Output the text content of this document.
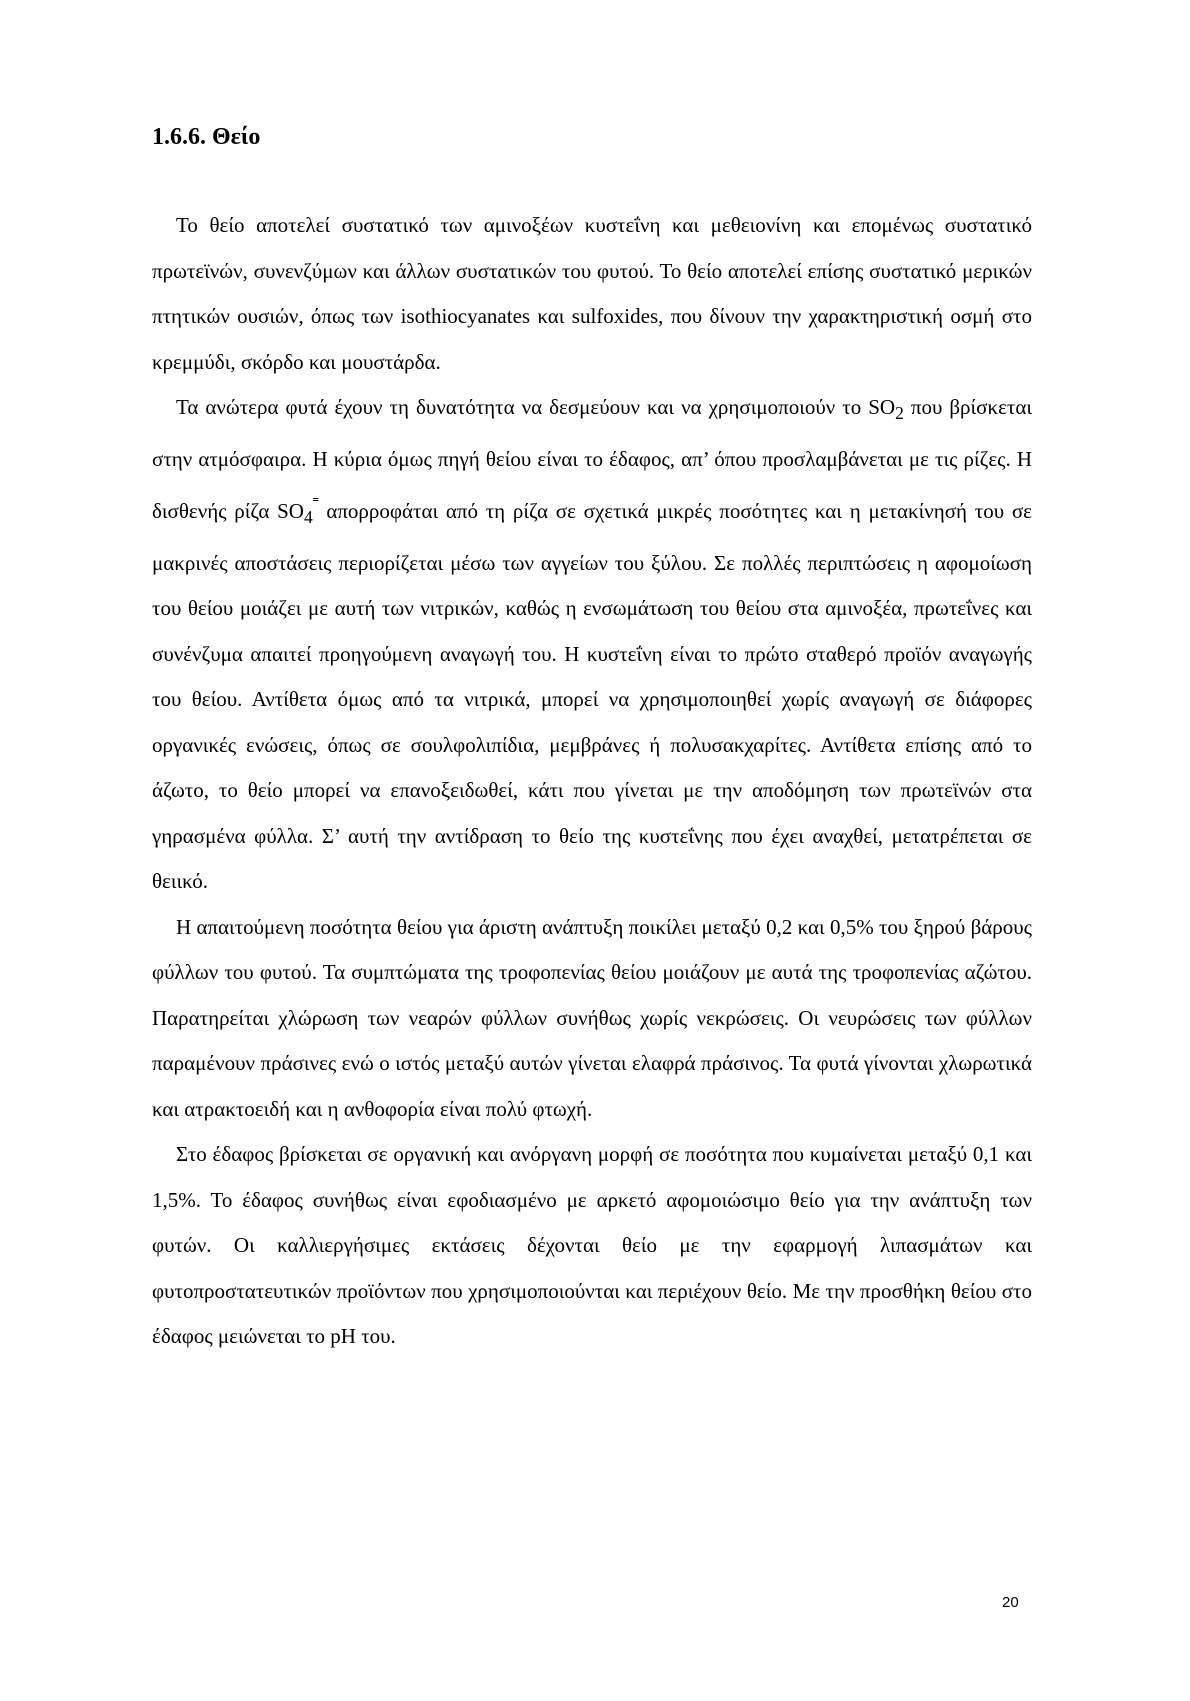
1.6.6. Θείο

Το θείο αποτελεί συστατικό των αμινοξέων κυστεΐνη και μεθειονίνη και επομένως συστατικό πρωτεϊνών, συνενζύμων και άλλων συστατικών του φυτού. Το θείο αποτελεί επίσης συστατικό μερικών πτητικών ουσιών, όπως των isothiocyanates και sulfoxides, που δίνουν την χαρακτηριστική οσμή στο κρεμμύδι, σκόρδο και μουστάρδα.

Τα ανώτερα φυτά έχουν τη δυνατότητα να δεσμεύουν και να χρησιμοποιούν το $SO_2$ που βρίσκεται στην ατμόσφαιρα. Η κύρια όμως πηγή θείου είναι το έδαφος, απ’ όπου προσλαμβάνεται με τις ρίζες. Η δισθενής ρίζα $SO_4^˭$ απορροφάται από τη ρίζα σε σχετικά μικρές ποσότητες και η μετακίνησή του σε μακρινές αποστάσεις περιορίζεται μέσω των αγγείων του ξύλου. Σε πολλές περιπτώσεις η αφομοίωση του θείου μοιάζει με αυτή των νιτρικών, καθώς η ενσωμάτωση του θείου στα αμινοξέα, πρωτεΐνες και συνένζυμα απαιτεί προηγούμενη αναγωγή του. Η κυστεΐνη είναι το πρώτο σταθερό προϊόν αναγωγής του θείου. Αντίθετα όμως από τα νιτρικά, μπορεί να χρησιμοποιηθεί χωρίς αναγωγή σε διάφορες οργανικές ενώσεις, όπως σε σουλφολιπίδια, μεμβράνες ή πολυσακχαρίτες. Αντίθετα επίσης από το άζωτο, το θείο μπορεί να επανοξειδωθεί, κάτι που γίνεται με την αποδόμηση των πρωτεϊνών στα γηρασμένα φύλλα. Σ’ αυτή την αντίδραση το θείο της κυστεΐνης που έχει αναχθεί, μετατρέπεται σε θειικό.

Η απαιτούμενη ποσότητα θείου για άριστη ανάπτυξη ποικίλει μεταξύ 0,2 και 0,5% του ξηρού βάρους φύλλων του φυτού. Τα συμπτώματα της τροφοπενίας θείου μοιάζουν με αυτά της τροφοπενίας αζώτου. Παρατηρείται χλώρωση των νεαρών φύλλων συνήθως χωρίς νεκρώσεις. Οι νευρώσεις των φύλλων παραμένουν πράσινες ενώ ο ιστός μεταξύ αυτών γίνεται ελαφρά πράσινος. Τα φυτά γίνονται χλωρωτικά και ατρακτοειδή και η ανθοφορία είναι πολύ φτωχή.

Στο έδαφος βρίσκεται σε οργανική και ανόργανη μορφή σε ποσότητα που κυμαίνεται μεταξύ 0,1 και 1,5%. Το έδαφος συνήθως είναι εφοδιασμένο με αρκετό αφομοιώσιμο θείο για την ανάπτυξη των φυτών. Οι καλλιεργήσιμες εκτάσεις δέχονται θείο με την εφαρμογή λιπασμάτων και φυτοπροστατευτικών προϊόντων που χρησιμοποιούνται και περιέχουν θείο. Με την προσθήκη θείου στο έδαφος μειώνεται το pH του.

20
